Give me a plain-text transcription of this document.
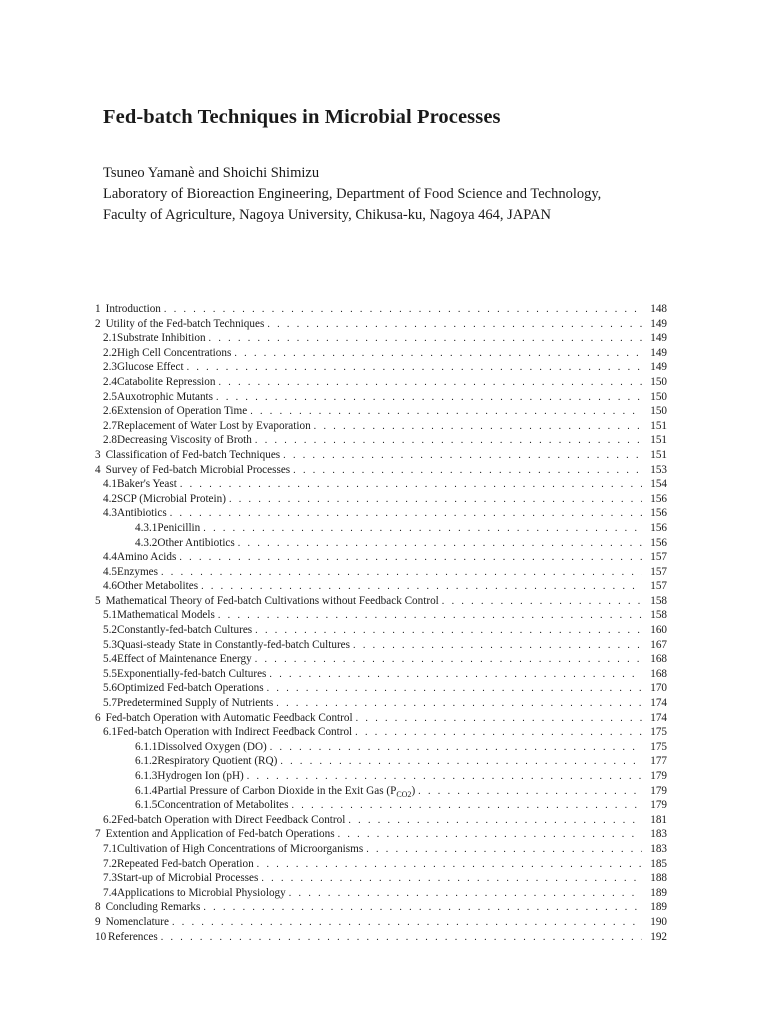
Fed-batch Techniques in Microbial Processes
Tsuneo Yamanè and Shoichi Shimizu
Laboratory of Bioreaction Engineering, Department of Food Science and Technology,
Faculty of Agriculture, Nagoya University, Chikusa-ku, Nagoya 464, JAPAN
1 Introduction . . .	148
2 Utility of the Fed-batch Techniques . . .	149
2.1 Substrate Inhibition . . .	149
2.2 High Cell Concentrations . . .	149
2.3 Glucose Effect . . .	149
2.4 Catabolite Repression . . .	150
2.5 Auxotrophic Mutants . . .	150
2.6 Extension of Operation Time . . .	150
2.7 Replacement of Water Lost by Evaporation . . .	151
2.8 Decreasing Viscosity of Broth . . .	151
3 Classification of Fed-batch Techniques . . .	151
4 Survey of Fed-batch Microbial Processes . . .	153
4.1 Baker's Yeast . . .	154
4.2 SCP (Microbial Protein) . . .	156
4.3 Antibiotics . . .	156
4.3.1 Penicillin . . .	156
4.3.2 Other Antibiotics . . .	156
4.4 Amino Acids . . .	157
4.5 Enzymes . . .	157
4.6 Other Metabolites . . .	157
5 Mathematical Theory of Fed-batch Cultivations without Feedback Control . . .	158
5.1 Mathematical Models . . .	158
5.2 Constantly-fed-batch Cultures . . .	160
5.3 Quasi-steady State in Constantly-fed-batch Cultures . . .	167
5.4 Effect of Maintenance Energy . . .	168
5.5 Exponentially-fed-batch Cultures . . .	168
5.6 Optimized Fed-batch Operations . . .	170
5.7 Predetermined Supply of Nutrients . . .	174
6 Fed-batch Operation with Automatic Feedback Control . . .	174
6.1 Fed-batch Operation with Indirect Feedback Control . . .	175
6.1.1 Dissolved Oxygen (DO) . . .	175
6.1.2 Respiratory Quotient (RQ) . . .	177
6.1.3 Hydrogen Ion (pH) . . .	179
6.1.4 Partial Pressure of Carbon Dioxide in the Exit Gas $(P_{CO2})$ . . .	179
6.1.5 Concentration of Metabolites . . .	179
6.2 Fed-batch Operation with Direct Feedback Control . . .	181
7 Extention and Application of Fed-batch Operations . . .	183
7.1 Cultivation of High Concentrations of Microorganisms . . .	183
7.2 Repeated Fed-batch Operation . . .	185
7.3 Start-up of Microbial Processes . . .	188
7.4 Applications to Microbial Physiology . . .	189
8 Concluding Remarks . . .	189
9 Nomenclature . . .	190
10 References . . .	192
